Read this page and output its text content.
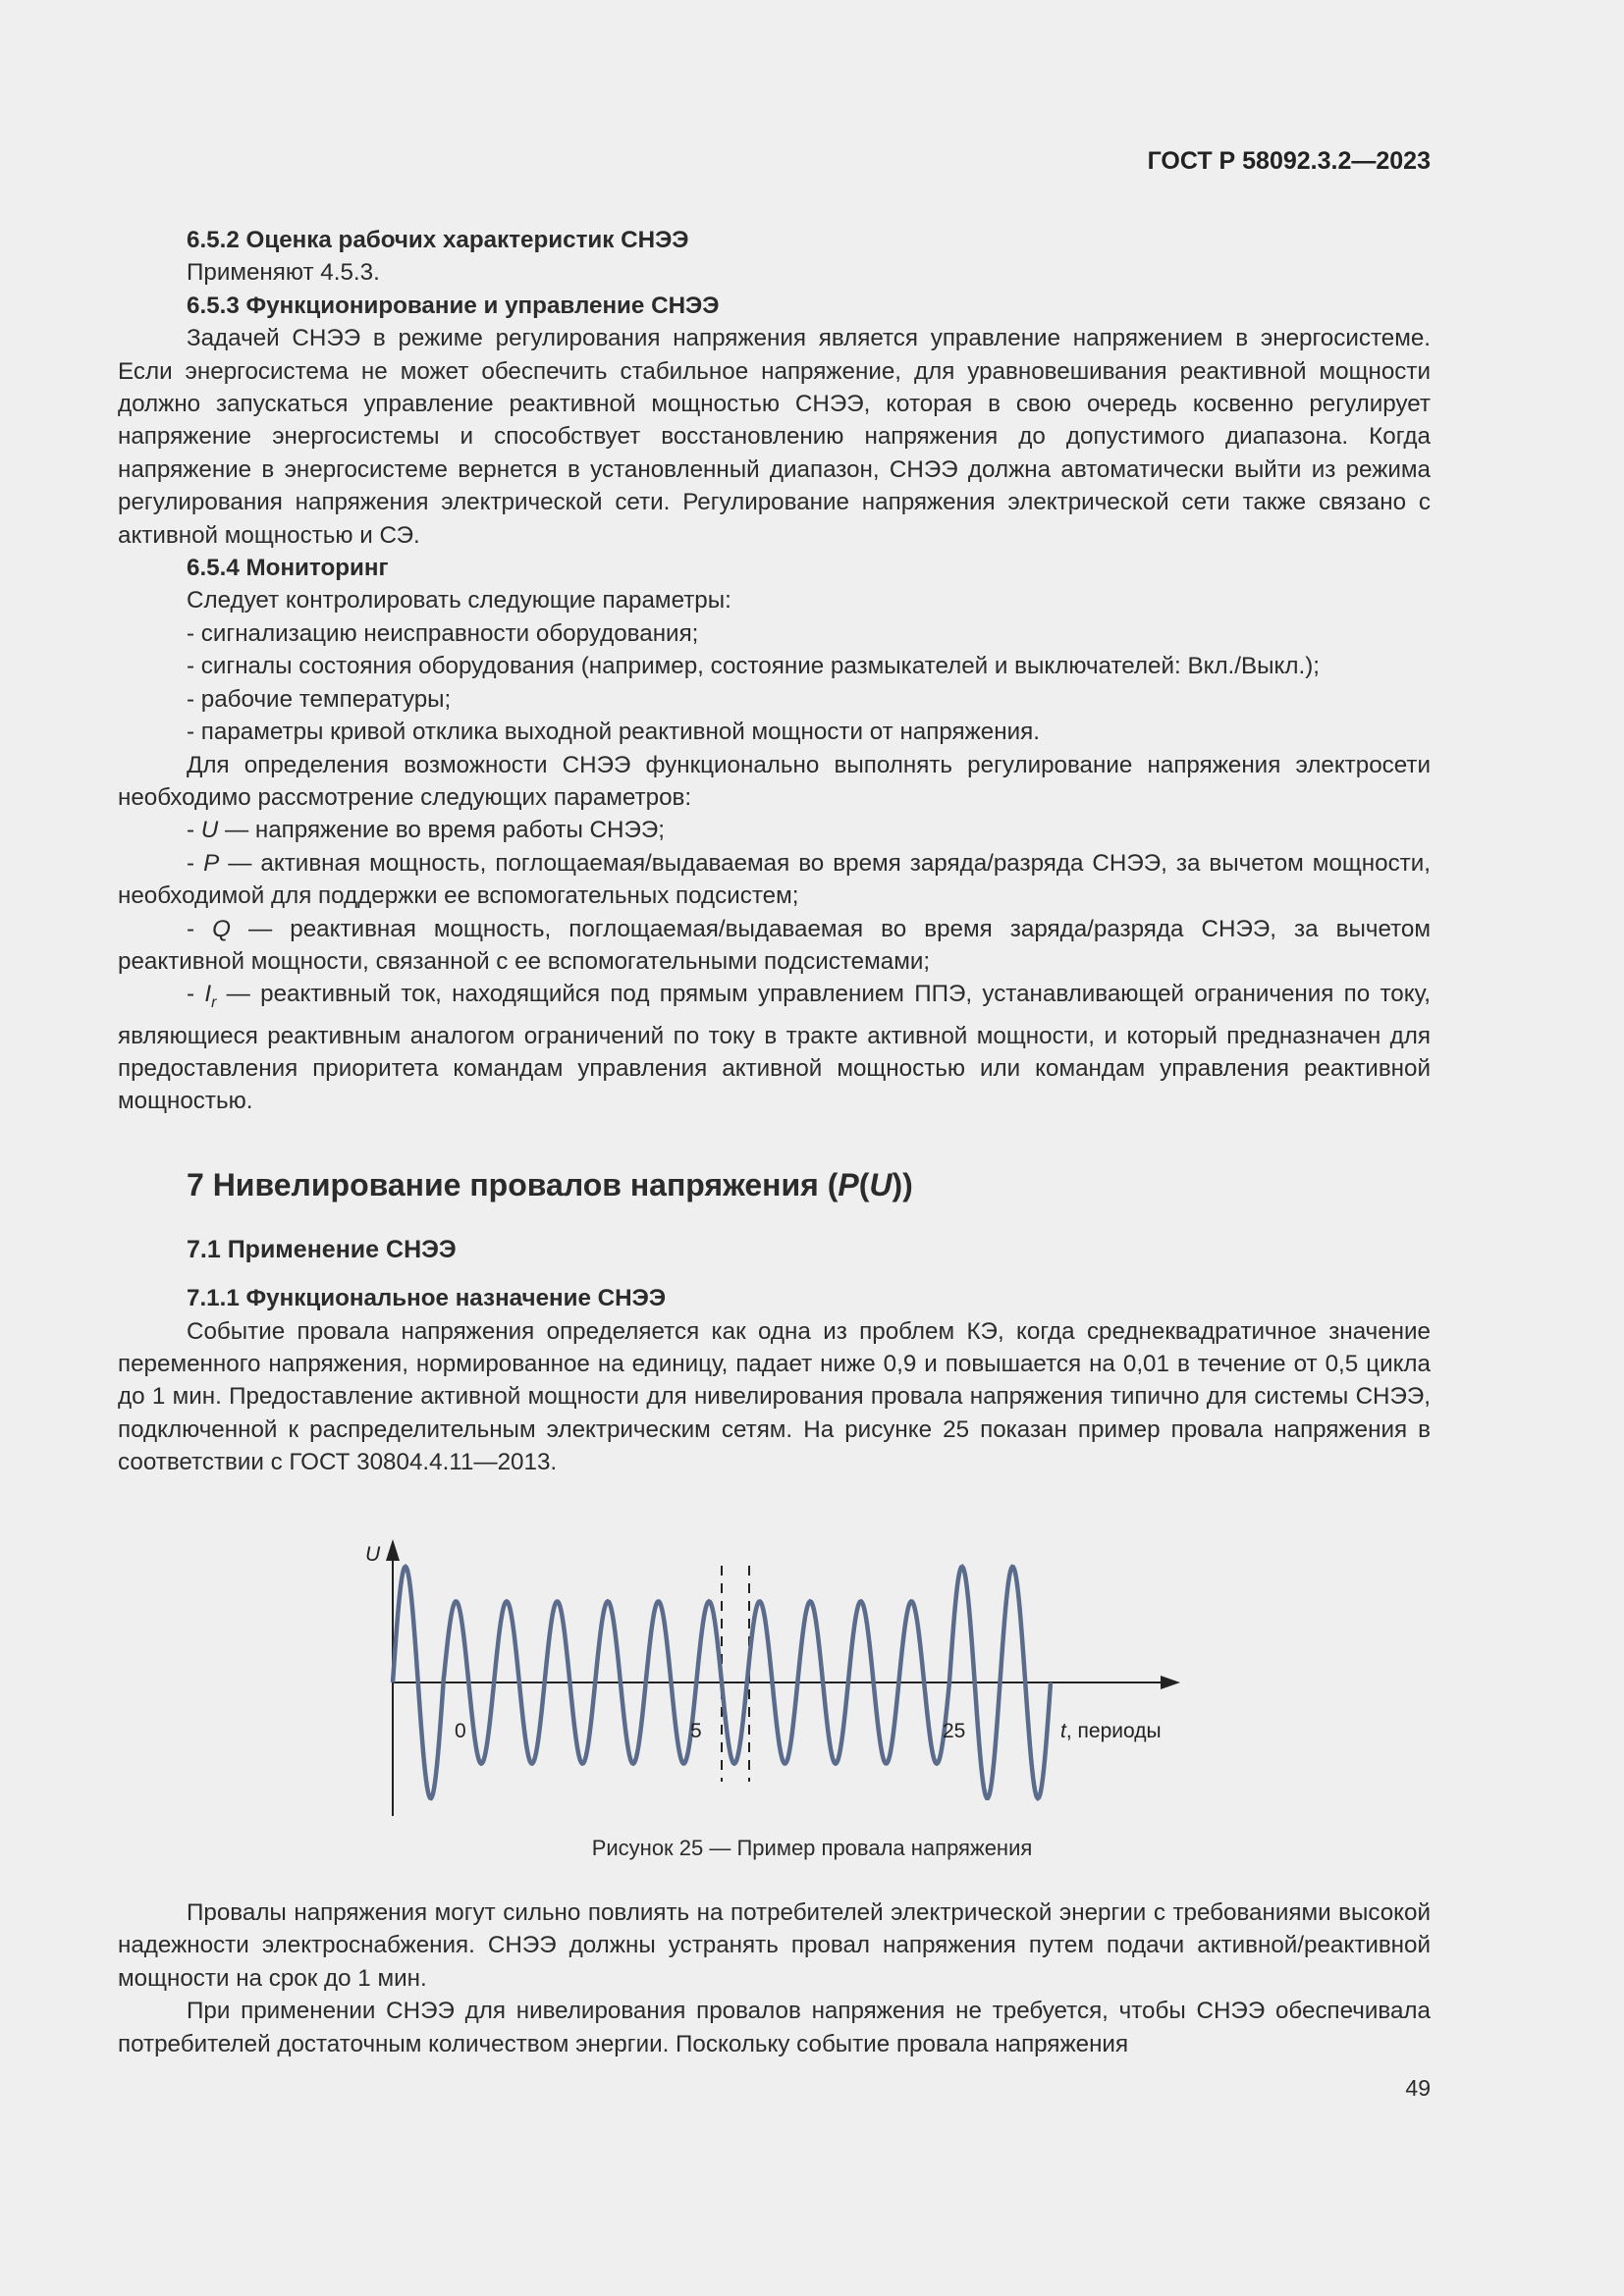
ГОСТ Р 58092.3.2—2023

6.5.2 Оценка рабочих характеристик СНЭЭ

Применяют 4.5.3.

6.5.3 Функционирование и управление СНЭЭ

Задачей СНЭЭ в режиме регулирования напряжения является управление напряжением в энергосистеме. Если энергосистема не может обеспечить стабильное напряжение, для уравновешивания реактивной мощности должно запускаться управление реактивной мощностью СНЭЭ, которая в свою очередь косвенно регулирует напряжение энергосистемы и способствует восстановлению напряжения до допустимого диапазона. Когда напряжение в энергосистеме вернется в установленный диапазон, СНЭЭ должна автоматически выйти из режима регулирования напряжения электрической сети. Регулирование напряжения электрической сети также связано с активной мощностью и СЭ.

6.5.4 Мониторинг

Следует контролировать следующие параметры:

- сигнализацию неисправности оборудования;

- сигналы состояния оборудования (например, состояние размыкателей и выключателей: Вкл./Выкл.);

- рабочие температуры;

- параметры кривой отклика выходной реактивной мощности от напряжения.

Для определения возможности СНЭЭ функционально выполнять регулирование напряжения электросети необходимо рассмотрение следующих параметров:

- U — напряжение во время работы СНЭЭ;

- P — активная мощность, поглощаемая/выдаваемая во время заряда/разряда СНЭЭ, за вычетом мощности, необходимой для поддержки ее вспомогательных подсистем;

- Q — реактивная мощность, поглощаемая/выдаваемая во время заряда/разряда СНЭЭ, за вычетом реактивной мощности, связанной с ее вспомогательными подсистемами;

- $I_r$ — реактивный ток, находящийся под прямым управлением ППЭ, устанавливающей ограничения по току, являющиеся реактивным аналогом ограничений по току в тракте активной мощности, и который предназначен для предоставления приоритета командам управления активной мощностью или командам управления реактивной мощностью.

7 Нивелирование провалов напряжения (P(U))

7.1 Применение СНЭЭ

7.1.1 Функциональное назначение СНЭЭ

Событие провала напряжения определяется как одна из проблем КЭ, когда среднеквадратичное значение переменного напряжения, нормированное на единицу, падает ниже 0,9 и повышается на 0,01 в течение от 0,5 цикла до 1 мин. Предоставление активной мощности для нивелирования провала напряжения типично для системы СНЭЭ, подключенной к распределительным электрическим сетям. На рисунке 25 показан пример провала напряжения в соответствии с ГОСТ 30804.4.11—2013.

U
0	5	25	t, периоды
Рисунок 25 — Пример провала напряжения

Провалы напряжения могут сильно повлиять на потребителей электрической энергии с требованиями высокой надежности электроснабжения. СНЭЭ должны устранять провал напряжения путем подачи активной/реактивной мощности на срок до 1 мин.

При применении СНЭЭ для нивелирования провалов напряжения не требуется, чтобы СНЭЭ обеспечивала потребителей достаточным количеством энергии. Поскольку событие провала напряжения

49
